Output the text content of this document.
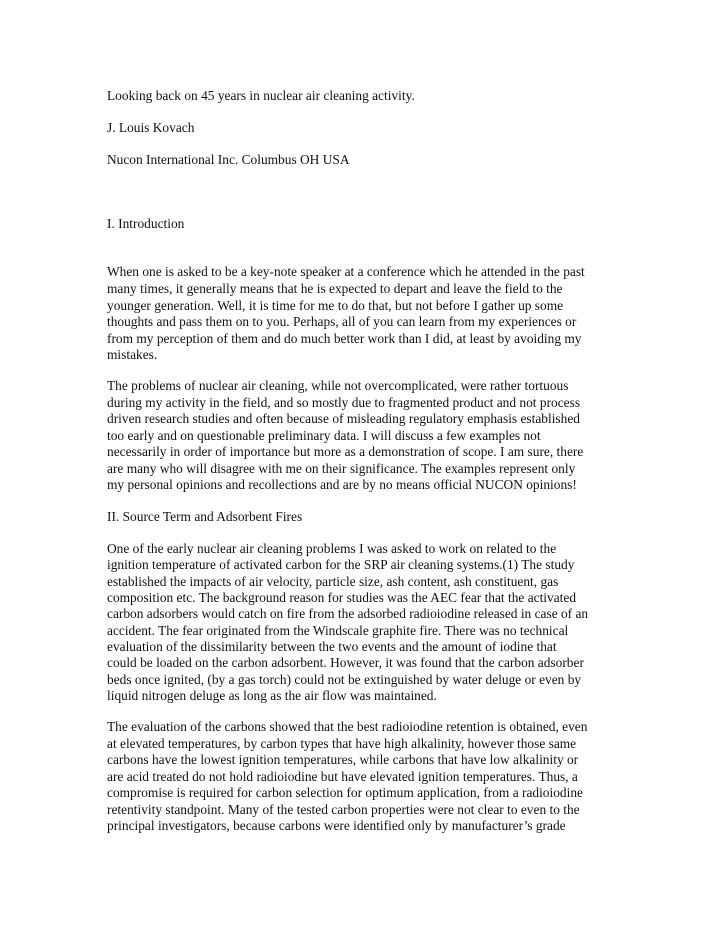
Looking back on 45 years in nuclear air cleaning activity.
J. Louis Kovach
Nucon International Inc. Columbus OH USA
I. Introduction
When one is asked to be a key-note speaker at a conference which he attended in the past
many times, it generally means that he is expected to depart and leave the field to the
younger generation. Well, it is time for me to do that, but not before I gather up some
thoughts and pass them on to you. Perhaps, all of you can learn from my experiences or
from my perception of them and do much better work than I did, at least by avoiding my
mistakes.
The problems of nuclear air cleaning, while not overcomplicated, were rather tortuous
during my activity in the field, and so mostly due to fragmented product and not process
driven research studies and often because of misleading regulatory emphasis established
too early and on questionable preliminary data. I will discuss a few examples not
necessarily in order of importance but more as a demonstration of scope. I am sure, there
are many who will disagree with me on their significance. The examples represent only
my personal opinions and recollections and are by no means official NUCON opinions!
II. Source Term and Adsorbent Fires
One of the early nuclear air cleaning problems I was asked to work on related to the
ignition temperature of activated carbon for the SRP air cleaning systems.(1) The study
established the impacts of air velocity, particle size, ash content, ash constituent, gas
composition etc. The background reason for studies was the AEC fear that the activated
carbon adsorbers would catch on fire from the adsorbed radioiodine released in case of an
accident. The fear originated from the Windscale graphite fire. There was no technical
evaluation of the dissimilarity between the two events and the amount of iodine that
could be loaded on the carbon adsorbent. However, it was found that the carbon adsorber
beds once ignited, (by a gas torch) could not be extinguished by water deluge or even by
liquid nitrogen deluge as long as the air flow was maintained.
The evaluation of the carbons showed that the best radioiodine retention is obtained, even
at elevated temperatures, by carbon types that have high alkalinity, however those same
carbons have the lowest ignition temperatures, while carbons that have low alkalinity or
are acid treated do not hold radioiodine but have elevated ignition temperatures. Thus, a
compromise is required for carbon selection for optimum application, from a radioiodine
retentivity standpoint. Many of the tested carbon properties were not clear to even to the
principal investigators, because carbons were identified only by manufacturer’s grade
